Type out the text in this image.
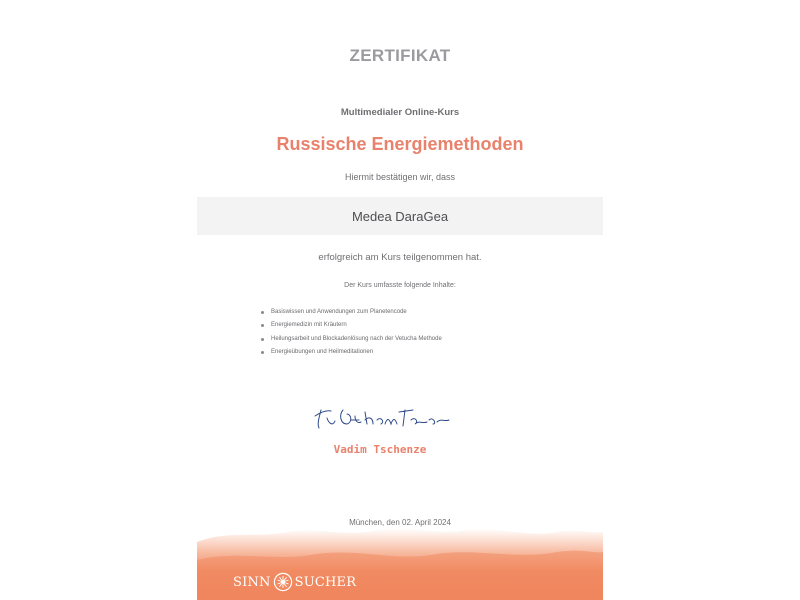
ZERTIFIKAT
Multimedialer Online-Kurs
Russische Energiemethoden
Hiermit bestätigen wir, dass
Medea DaraGea
erfolgreich am Kurs teilgenommen hat.
Der Kurs umfasste folgende Inhalte:
Basiswissen und Anwendungen zum Planetencode
Energiemedizin mit Kräutern
Heilungsarbeit und Blockadenlösung nach der Vetucha Methode
Energieübungen und Heilmeditationen
Vadim Tschenze
München, den 02. April 2024
SINN SUCHER
